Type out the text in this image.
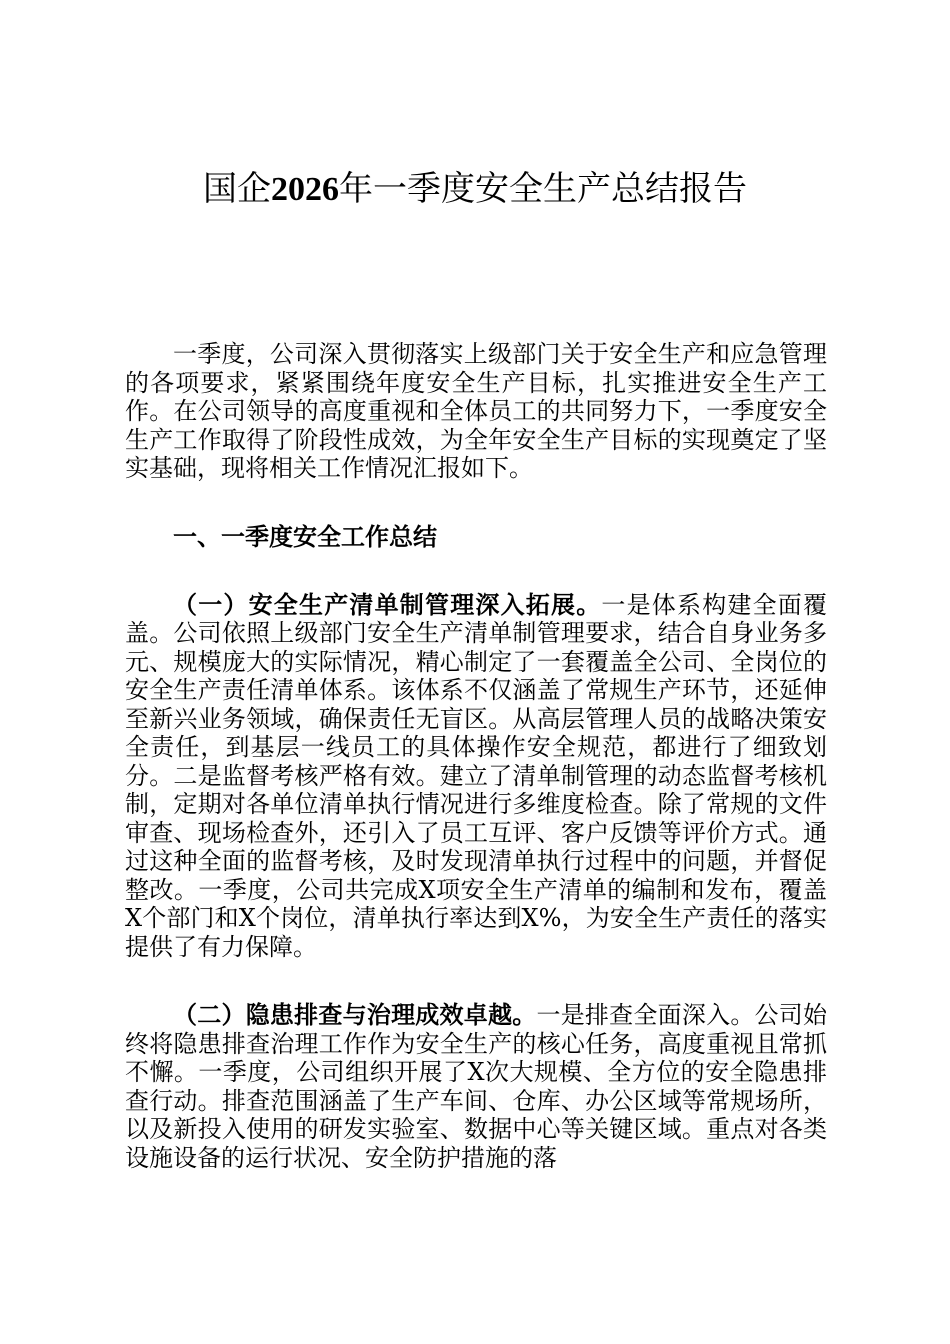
国企2026年一季度安全生产总结报告

一季度，公司深入贯彻落实上级部门关于安全生产和应急管理的各项要求，紧紧围绕年度安全生产目标，扎实推进安全生产工作。在公司领导的高度重视和全体员工的共同努力下，一季度安全生产工作取得了阶段性成效，为全年安全生产目标的实现奠定了坚实基础，现将相关工作情况汇报如下。

一、一季度安全工作总结

（一）安全生产清单制管理深入拓展。一是体系构建全面覆盖。公司依照上级部门安全生产清单制管理要求，结合自身业务多元、规模庞大的实际情况，精心制定了一套覆盖全公司、全岗位的安全生产责任清单体系。该体系不仅涵盖了常规生产环节，还延伸至新兴业务领域，确保责任无盲区。从高层管理人员的战略决策安全责任，到基层一线员工的具体操作安全规范，都进行了细致划分。二是监督考核严格有效。建立了清单制管理的动态监督考核机制，定期对各单位清单执行情况进行多维度检查。除了常规的文件审查、现场检查外，还引入了员工互评、客户反馈等评价方式。通过这种全面的监督考核，及时发现清单执行过程中的问题，并督促整改。一季度，公司共完成X项安全生产清单的编制和发布，覆盖X个部门和X个岗位，清单执行率达到X%，为安全生产责任的落实提供了有力保障。

（二）隐患排查与治理成效卓越。一是排查全面深入。公司始终将隐患排查治理工作作为安全生产的核心任务，高度重视且常抓不懈。一季度，公司组织开展了X次大规模、全方位的安全隐患排查行动。排查范围涵盖了生产车间、仓库、办公区域等常规场所，以及新投入使用的研发实验室、数据中心等关键区域。重点对各类设施设备的运行状况、安全防护措施的落
